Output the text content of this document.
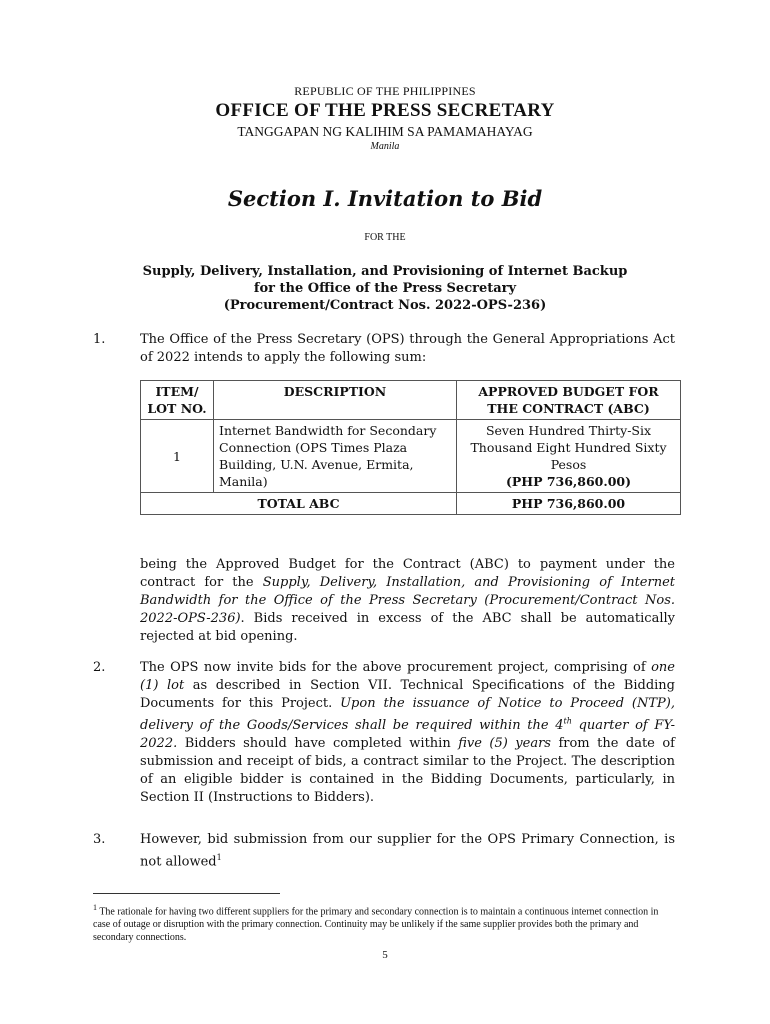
REPUBLIC OF THE PHILIPPINES
OFFICE OF THE PRESS SECRETARY
TANGGAPAN NG KALIHIM SA PAMAMAHAYAG
Manila
Section I. Invitation to Bid
FOR THE
Supply, Delivery, Installation, and Provisioning of Internet Backup
for the Office of the Press Secretary
(Procurement/Contract Nos. 2022-OPS-236)
1.	The Office of the Press Secretary (OPS) through the General Appropriations Act of 2022 intends to apply the following sum:
ITEM/ LOT NO.	DESCRIPTION	APPROVED BUDGET FOR THE CONTRACT (ABC)
1	Internet Bandwidth for Secondary Connection (OPS Times Plaza Building, U.N. Avenue, Ermita, Manila)	Seven Hundred Thirty-Six Thousand Eight Hundred Sixty Pesos
(PHP 736,860.00)

TOTAL ABC		PHP 736,860.00
being the Approved Budget for the Contract (ABC) to payment under the contract for the Supply, Delivery, Installation, and Provisioning of Internet Bandwidth for the Office of the Press Secretary (Procurement/Contract Nos. 2022-OPS-236). Bids received in excess of the ABC shall be automatically rejected at bid opening.
2.	The OPS now invite bids for the above procurement project, comprising of one (1) lot as described in Section VII. Technical Specifications of the Bidding Documents for this Project. Upon the issuance of Notice to Proceed (NTP), delivery of the Goods/Services shall be required within the 4th quarter of FY-2022. Bidders should have completed within five (5) years from the date of submission and receipt of bids, a contract similar to the Project. The description of an eligible bidder is contained in the Bidding Documents, particularly, in Section II (Instructions to Bidders).
3.	However, bid submission from our supplier for the OPS Primary Connection, is not allowed$^1$
$^1$ The rationale for having two different suppliers for the primary and secondary connection is to maintain a continuous internet connection in case of outage or disruption with the primary connection. Continuity may be unlikely if the same supplier provides both the primary and secondary connections.
5
